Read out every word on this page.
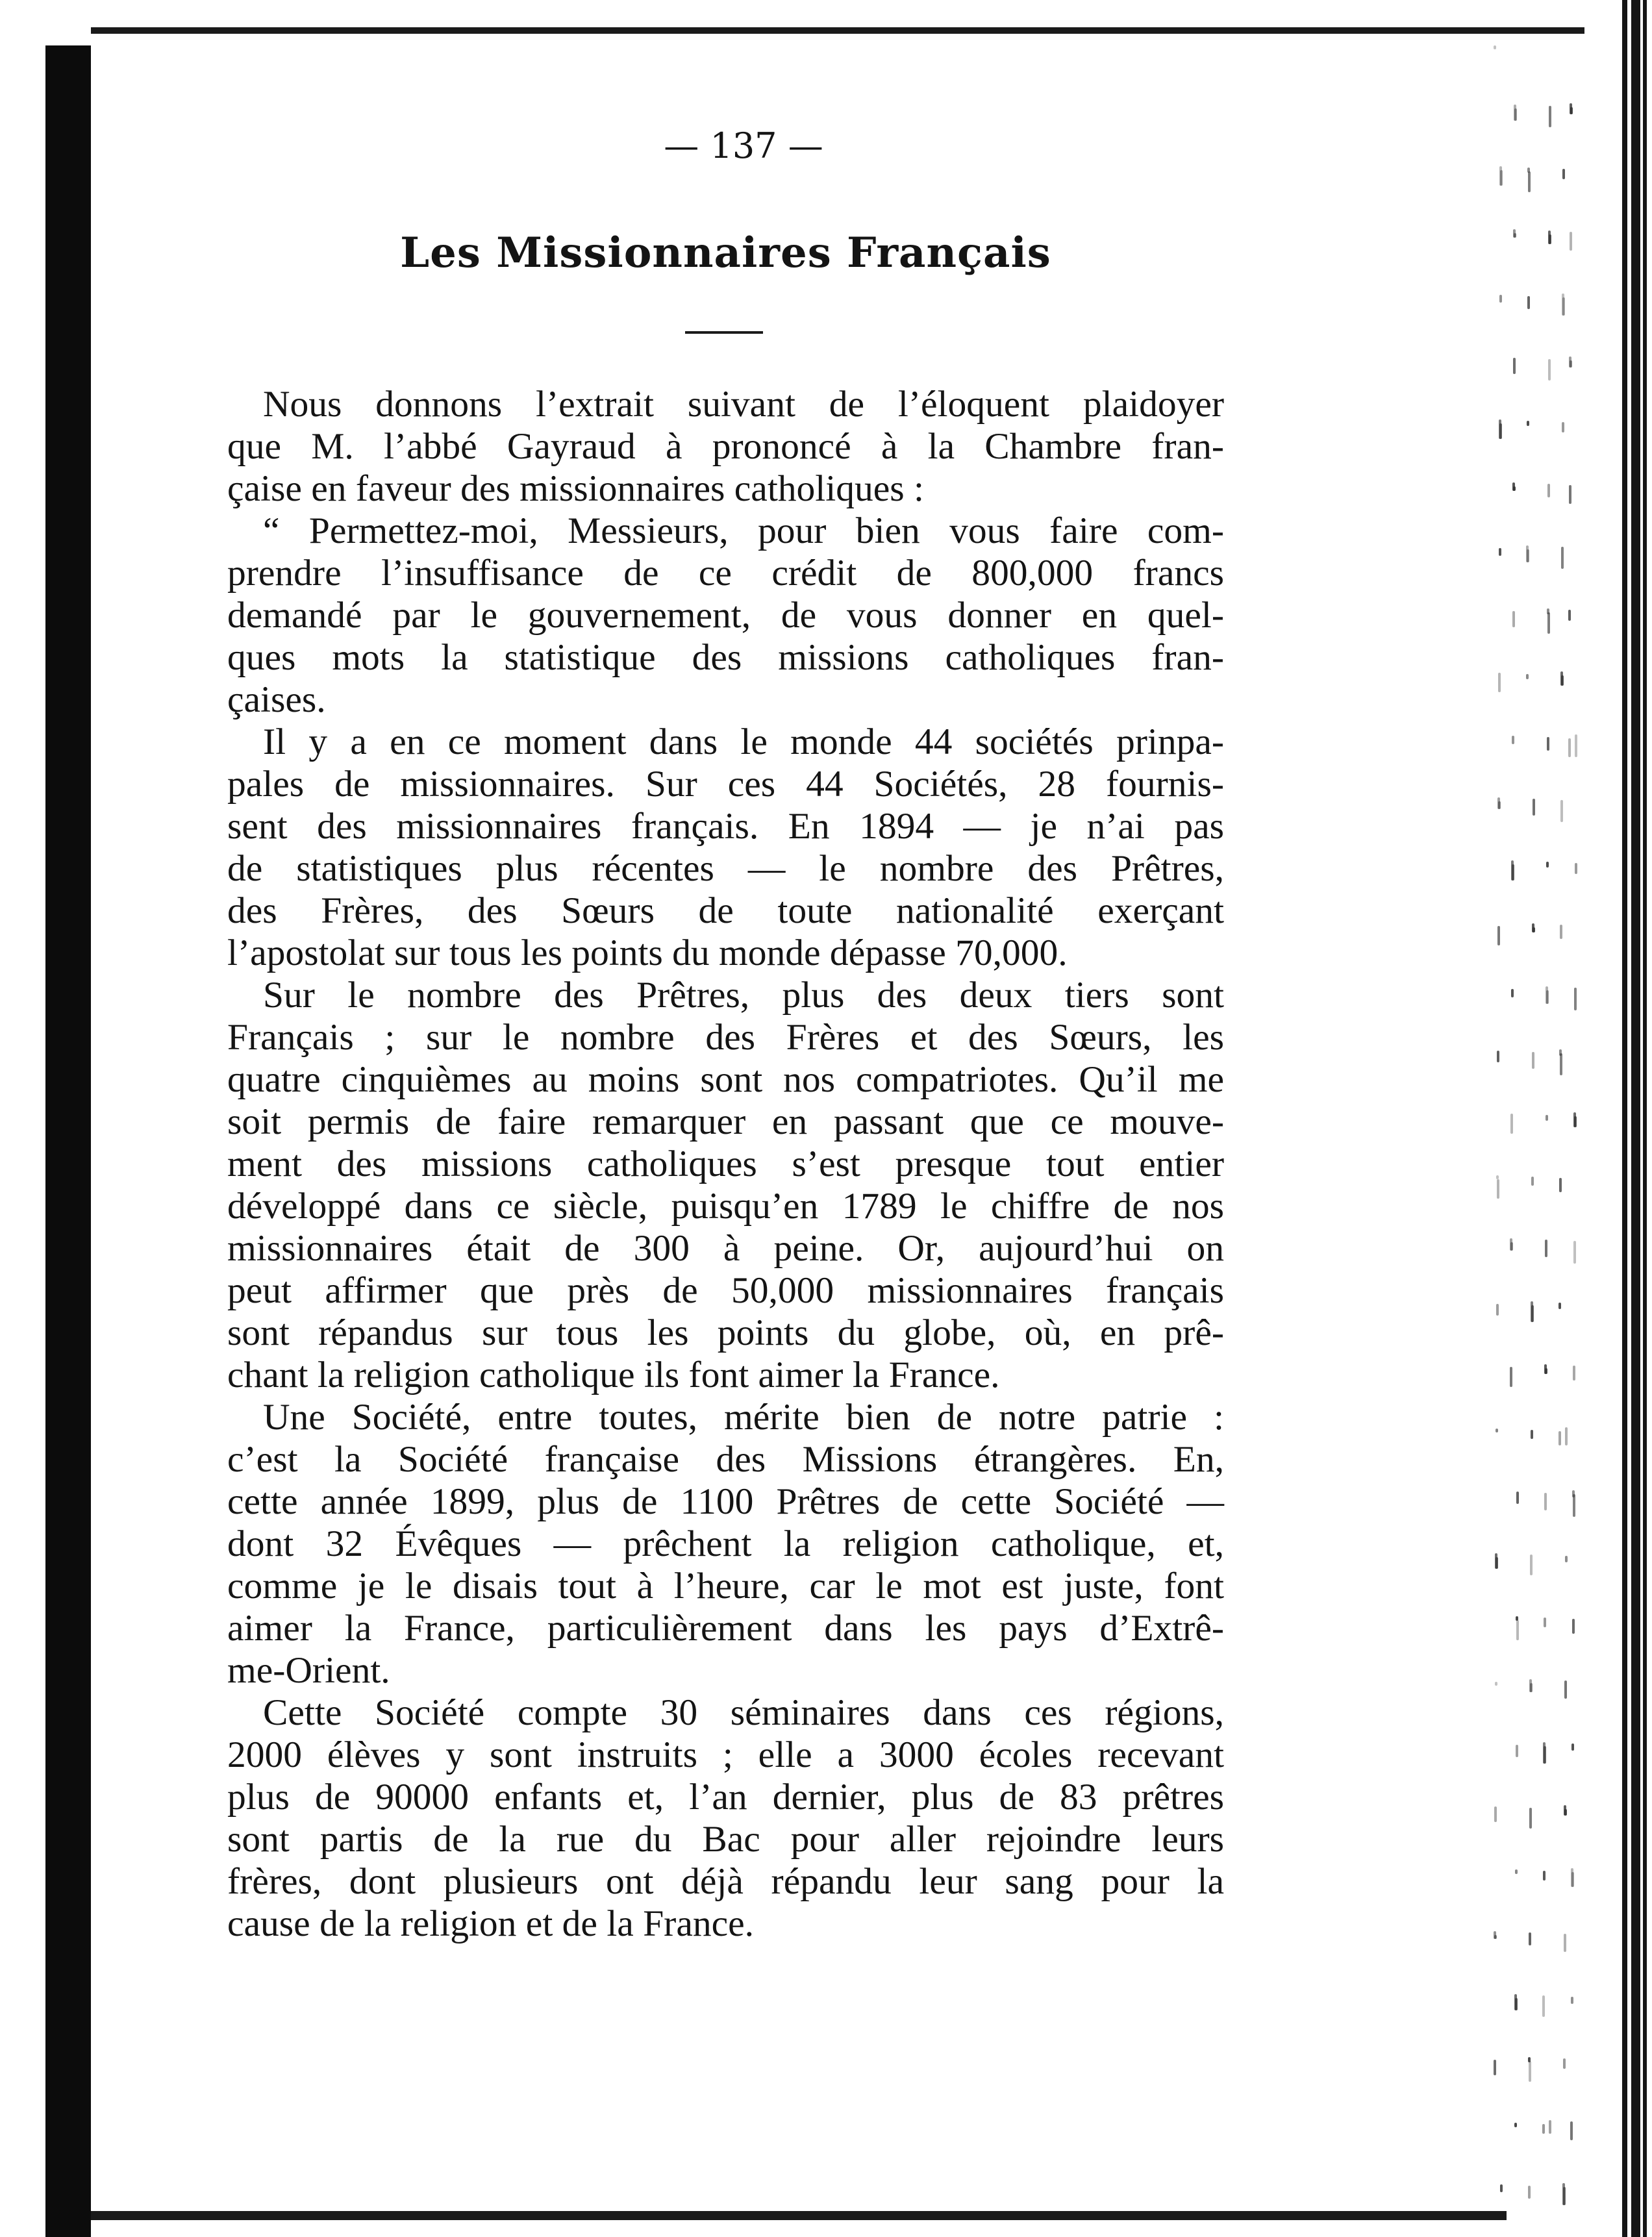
— 137 —
Les Missionnaires Français
Nous donnons l’extrait suivant de l’éloquent plaidoyer
que M. l’abbé Gayraud à prononcé à la Chambre fran-
çaise en faveur des missionnaires catholiques :
“ Permettez-moi, Messieurs, pour bien vous faire com-
prendre l’insuffisance de ce crédit de 800,000 francs
demandé par le gouvernement, de vous donner en quel-
ques mots la statistique des missions catholiques fran-
çaises.
Il y a en ce moment dans le monde 44 sociétés prinpa-
pales de missionnaires. Sur ces 44 Sociétés, 28 fournis-
sent des missionnaires français. En 1894 — je n’ai pas
de statistiques plus récentes — le nombre des Prêtres,
des Frères, des Sœurs de toute nationalité exerçant
l’apostolat sur tous les points du monde dépasse 70,000.
Sur le nombre des Prêtres, plus des deux tiers sont
Français ; sur le nombre des Frères et des Sœurs, les
quatre cinquièmes au moins sont nos compatriotes. Qu’il me
soit permis de faire remarquer en passant que ce mouve-
ment des missions catholiques s’est presque tout entier
développé dans ce siècle, puisqu’en 1789 le chiffre de nos
missionnaires était de 300 à peine. Or, aujourd’hui on
peut affirmer que près de 50,000 missionnaires français
sont répandus sur tous les points du globe, où, en prê-
chant la religion catholique ils font aimer la France.
Une Société, entre toutes, mérite bien de notre patrie :
c’est la Société française des Missions étrangères. En,
cette année 1899, plus de 1100 Prêtres de cette Société —
dont 32 Évêques — prêchent la religion catholique, et,
comme je le disais tout à l’heure, car le mot est juste, font
aimer la France, particulièrement dans les pays d’Extrê-
me-Orient.
Cette Société compte 30 séminaires dans ces régions,
2000 élèves y sont instruits ; elle a 3000 écoles recevant
plus de 90000 enfants et, l’an dernier, plus de 83 prêtres
sont partis de la rue du Bac pour aller rejoindre leurs
frères, dont plusieurs ont déjà répandu leur sang pour la
cause de la religion et de la France.
